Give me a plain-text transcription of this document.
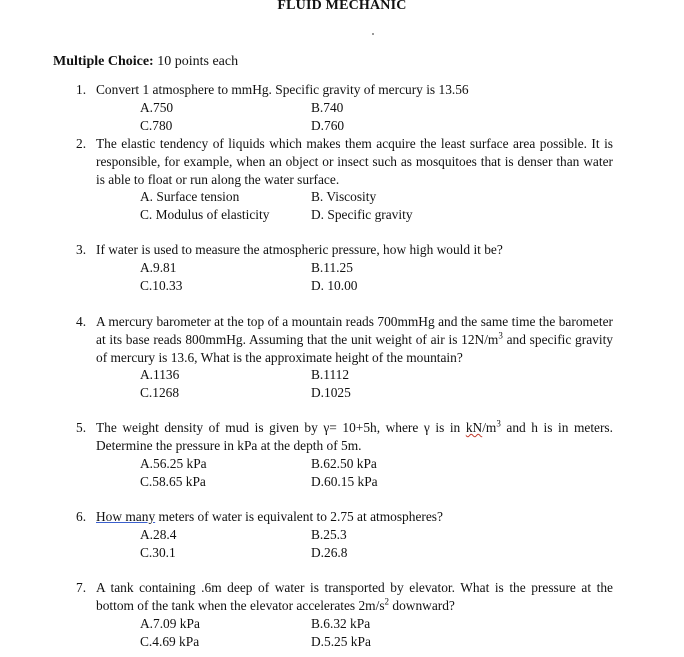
FLUID MECHANIC
Multiple Choice: 10 points each
1. Convert 1 atmosphere to mmHg. Specific gravity of mercury is 13.56
A.750	B.740
C.780	D.760
2. The elastic tendency of liquids which makes them acquire the least surface area possible. It is responsible, for example, when an object or insect such as mosquitoes that is denser than water is able to float or run along the water surface.
A. Surface tension	B. Viscosity
C. Modulus of elasticity	D. Specific gravity
3. If water is used to measure the atmospheric pressure, how high would it be?
A.9.81	B.11.25
C.10.33	D. 10.00
4. A mercury barometer at the top of a mountain reads 700mmHg and the same time the barometer at its base reads 800mmHg. Assuming that the unit weight of air is $12N/m^3$ and specific gravity of mercury is 13.6, What is the approximate height of the mountain?
A.1136	B.1112
C.1268	D.1025
5. The weight density of mud is given by γ= 10+5h, where γ is in $kN/m^3$ and h is in meters. Determine the pressure in kPa at the depth of 5m.
A.56.25 kPa	B.62.50 kPa
C.58.65 kPa	D.60.15 kPa
6. How many meters of water is equivalent to 2.75 at atmospheres?
A.28.4	B.25.3
C.30.1	D.26.8
7. A tank containing .6m deep of water is transported by elevator. What is the pressure at the bottom of the tank when the elevator accelerates $2m/s^2$ downward?
A.7.09 kPa	B.6.32 kPa
C.4.69 kPa	D.5.25 kPa
